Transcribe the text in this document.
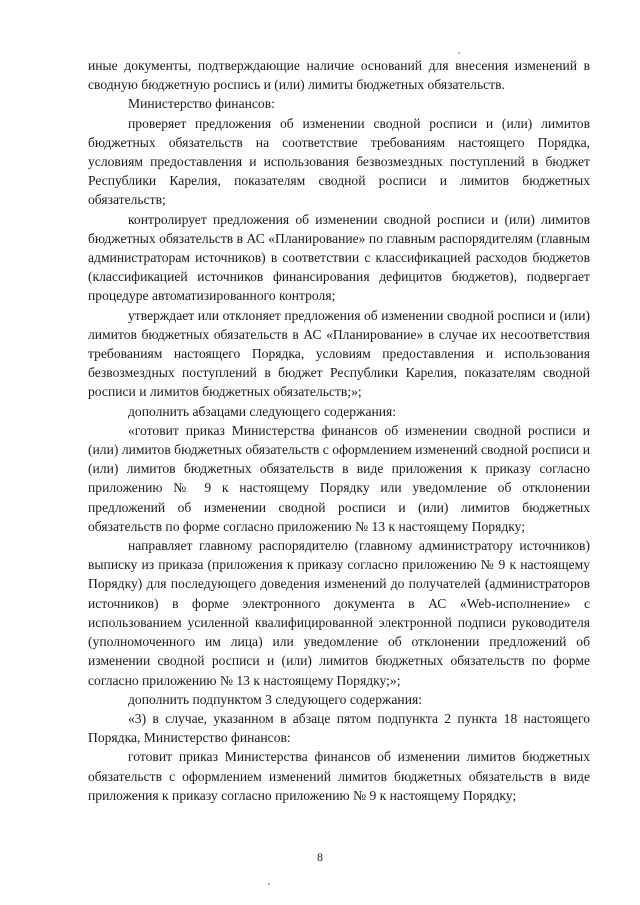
иные документы, подтверждающие наличие оснований для внесения изменений в сводную бюджетную роспись и (или) лимиты бюджетных обязательств.

Министерство финансов:

проверяет предложения об изменении сводной росписи и (или) лимитов бюджетных обязательств на соответствие требованиям настоящего Порядка, условиям предоставления и использования безвозмездных поступлений в бюджет Республики Карелия, показателям сводной росписи и лимитов бюджетных обязательств;

контролирует предложения об изменении сводной росписи и (или) лимитов бюджетных обязательств в АС «Планирование» по главным распорядителям (главным администраторам источников) в соответствии с классификацией расходов бюджетов (классификацией источников финансирования дефицитов бюджетов), подвергает процедуре автоматизированного контроля;

утверждает или отклоняет предложения об изменении сводной росписи и (или) лимитов бюджетных обязательств в АС «Планирование» в случае их несоответствия требованиям настоящего Порядка, условиям предоставления и использования безвозмездных поступлений в бюджет Республики Карелия, показателям сводной росписи и лимитов бюджетных обязательств;»;

дополнить абзацами следующего содержания:

«готовит приказ Министерства финансов об изменении сводной росписи и (или) лимитов бюджетных обязательств с оформлением изменений сводной росписи и (или) лимитов бюджетных обязательств в виде приложения к приказу согласно приложению № 9 к настоящему Порядку или уведомление об отклонении предложений об изменении сводной росписи и (или) лимитов бюджетных обязательств по форме согласно приложению № 13 к настоящему Порядку;

направляет главному распорядителю (главному администратору источников) выписку из приказа (приложения к приказу согласно приложению № 9 к настоящему Порядку) для последующего доведения изменений до получателей (администраторов источников) в форме электронного документа в АС «Web-исполнение» с использованием усиленной квалифицированной электронной подписи руководителя (уполномоченного им лица) или уведомление об отклонении предложений об изменении сводной росписи и (или) лимитов бюджетных обязательств по форме согласно приложению № 13 к настоящему Порядку;»;

дополнить подпунктом 3 следующего содержания:

«3) в случае, указанном в абзаце пятом подпункта 2 пункта 18 настоящего Порядка, Министерство финансов:

готовит приказ Министерства финансов об изменении лимитов бюджетных обязательств с оформлением изменений лимитов бюджетных обязательств в виде приложения к приказу согласно приложению № 9 к настоящему Порядку;

8
